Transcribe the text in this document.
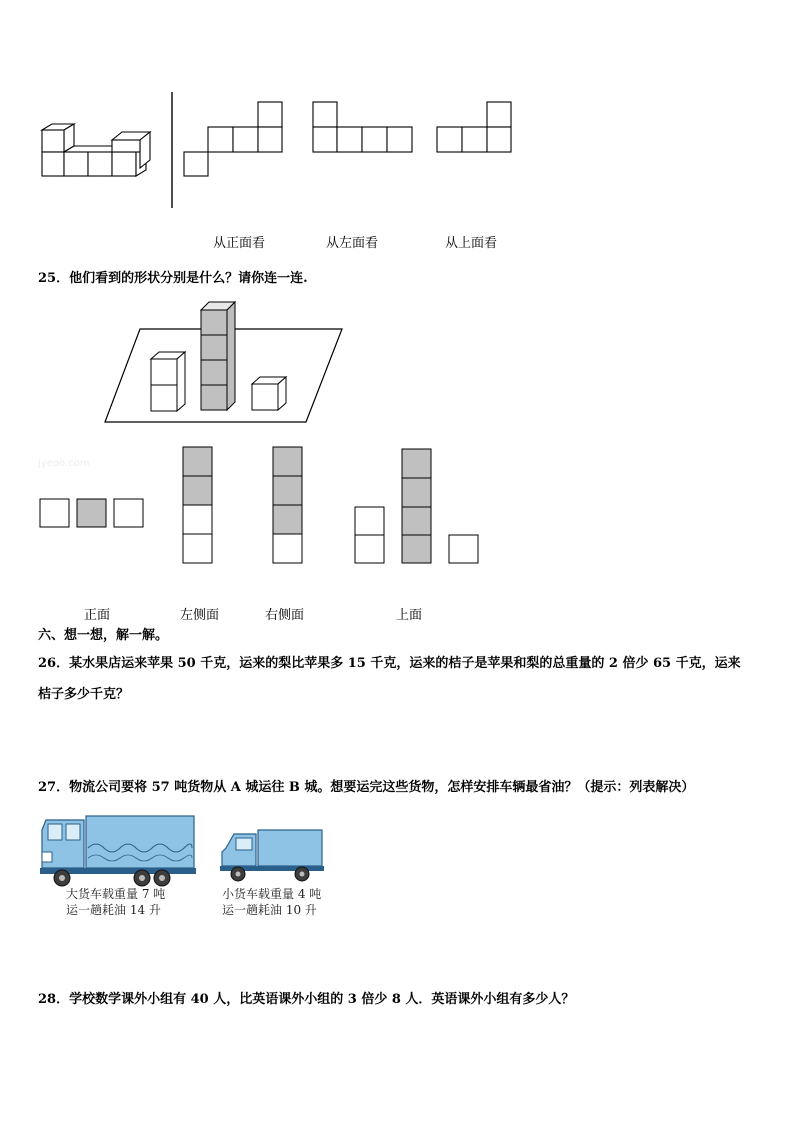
从正面看	从左面看	从上面看
25．他们看到的形状分别是什么？请你连一连.
jyeoo.com
正面	左侧面	右侧面	上面
六、想一想，解一解。
26．某水果店运来苹果 50 千克，运来的梨比苹果多 15 千克，运来的桔子是苹果和梨的总重量的 2 倍少 65 千克，运来
桔子多少千克？
27．物流公司要将 57 吨货物从 A 城运往 B 城。想要运完这些货物，怎样安排车辆最省油？（提示：列表解决）
大货车载重量 7 吨
运一趟耗油 14 升
小货车载重量 4 吨
运一趟耗油 10 升
28．学校数学课外小组有 40 人，比英语课外小组的 3 倍少 8 人．英语课外小组有多少人？
